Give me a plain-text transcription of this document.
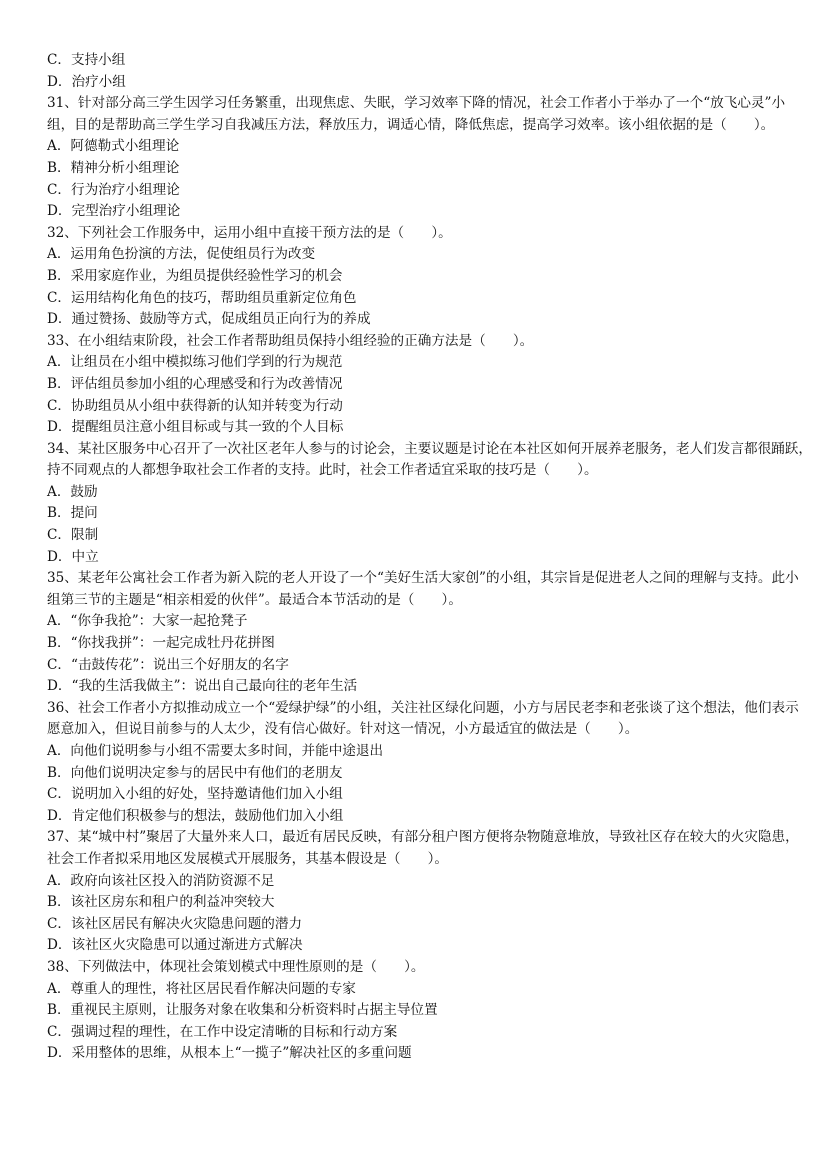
C．支持小组

D．治疗小组

31、针对部分高三学生因学习任务繁重，出现焦虑、失眠，学习效率下降的情况，社会工作者小于举办了一个“放飞心灵”小组，目的是帮助高三学生学习自我减压方法，释放压力，调适心情，降低焦虑，提高学习效率。该小组依据的是（　　）。

A．阿德勒式小组理论

B．精神分析小组理论

C．行为治疗小组理论

D．完型治疗小组理论

32、下列社会工作服务中，运用小组中直接干预方法的是（　　）。

A．运用角色扮演的方法，促使组员行为改变

B．采用家庭作业，为组员提供经验性学习的机会

C．运用结构化角色的技巧，帮助组员重新定位角色

D．通过赞扬、鼓励等方式，促成组员正向行为的养成

33、在小组结束阶段，社会工作者帮助组员保持小组经验的正确方法是（　　）。

A．让组员在小组中模拟练习他们学到的行为规范

B．评估组员参加小组的心理感受和行为改善情况

C．协助组员从小组中获得新的认知并转变为行动

D．提醒组员注意小组目标或与其一致的个人目标

34、某社区服务中心召开了一次社区老年人参与的讨论会，主要议题是讨论在本社区如何开展养老服务，老人们发言都很踊跃，持不同观点的人都想争取社会工作者的支持。此时，社会工作者适宜采取的技巧是（　　）。

A．鼓励

B．提问

C．限制

D．中立

35、某老年公寓社会工作者为新入院的老人开设了一个“美好生活大家创”的小组，其宗旨是促进老人之间的理解与支持。此小组第三节的主题是“相亲相爱的伙伴”。最适合本节活动的是（　　）。

A．“你争我抢”：大家一起抢凳子

B．“你找我拼”：一起完成牡丹花拼图

C．“击鼓传花”：说出三个好朋友的名字

D．“我的生活我做主”：说出自己最向往的老年生活

36、社会工作者小方拟推动成立一个“爱绿护绿”的小组，关注社区绿化问题，小方与居民老李和老张谈了这个想法，他们表示愿意加入，但说目前参与的人太少，没有信心做好。针对这一情况，小方最适宜的做法是（　　）。

A．向他们说明参与小组不需要太多时间，并能中途退出

B．向他们说明决定参与的居民中有他们的老朋友

C．说明加入小组的好处，坚持邀请他们加入小组

D．肯定他们积极参与的想法，鼓励他们加入小组

37、某“城中村”聚居了大量外来人口，最近有居民反映，有部分租户图方便将杂物随意堆放，导致社区存在较大的火灾隐患，社会工作者拟采用地区发展模式开展服务，其基本假设是（　　）。

A．政府向该社区投入的消防资源不足

B．该社区房东和租户的利益冲突较大

C．该社区居民有解决火灾隐患问题的潜力

D．该社区火灾隐患可以通过渐进方式解决

38、下列做法中，体现社会策划模式中理性原则的是（　　）。

A．尊重人的理性，将社区居民看作解决问题的专家

B．重视民主原则，让服务对象在收集和分析资料时占据主导位置

C．强调过程的理性，在工作中设定清晰的目标和行动方案

D．采用整体的思维，从根本上“一揽子”解决社区的多重问题
